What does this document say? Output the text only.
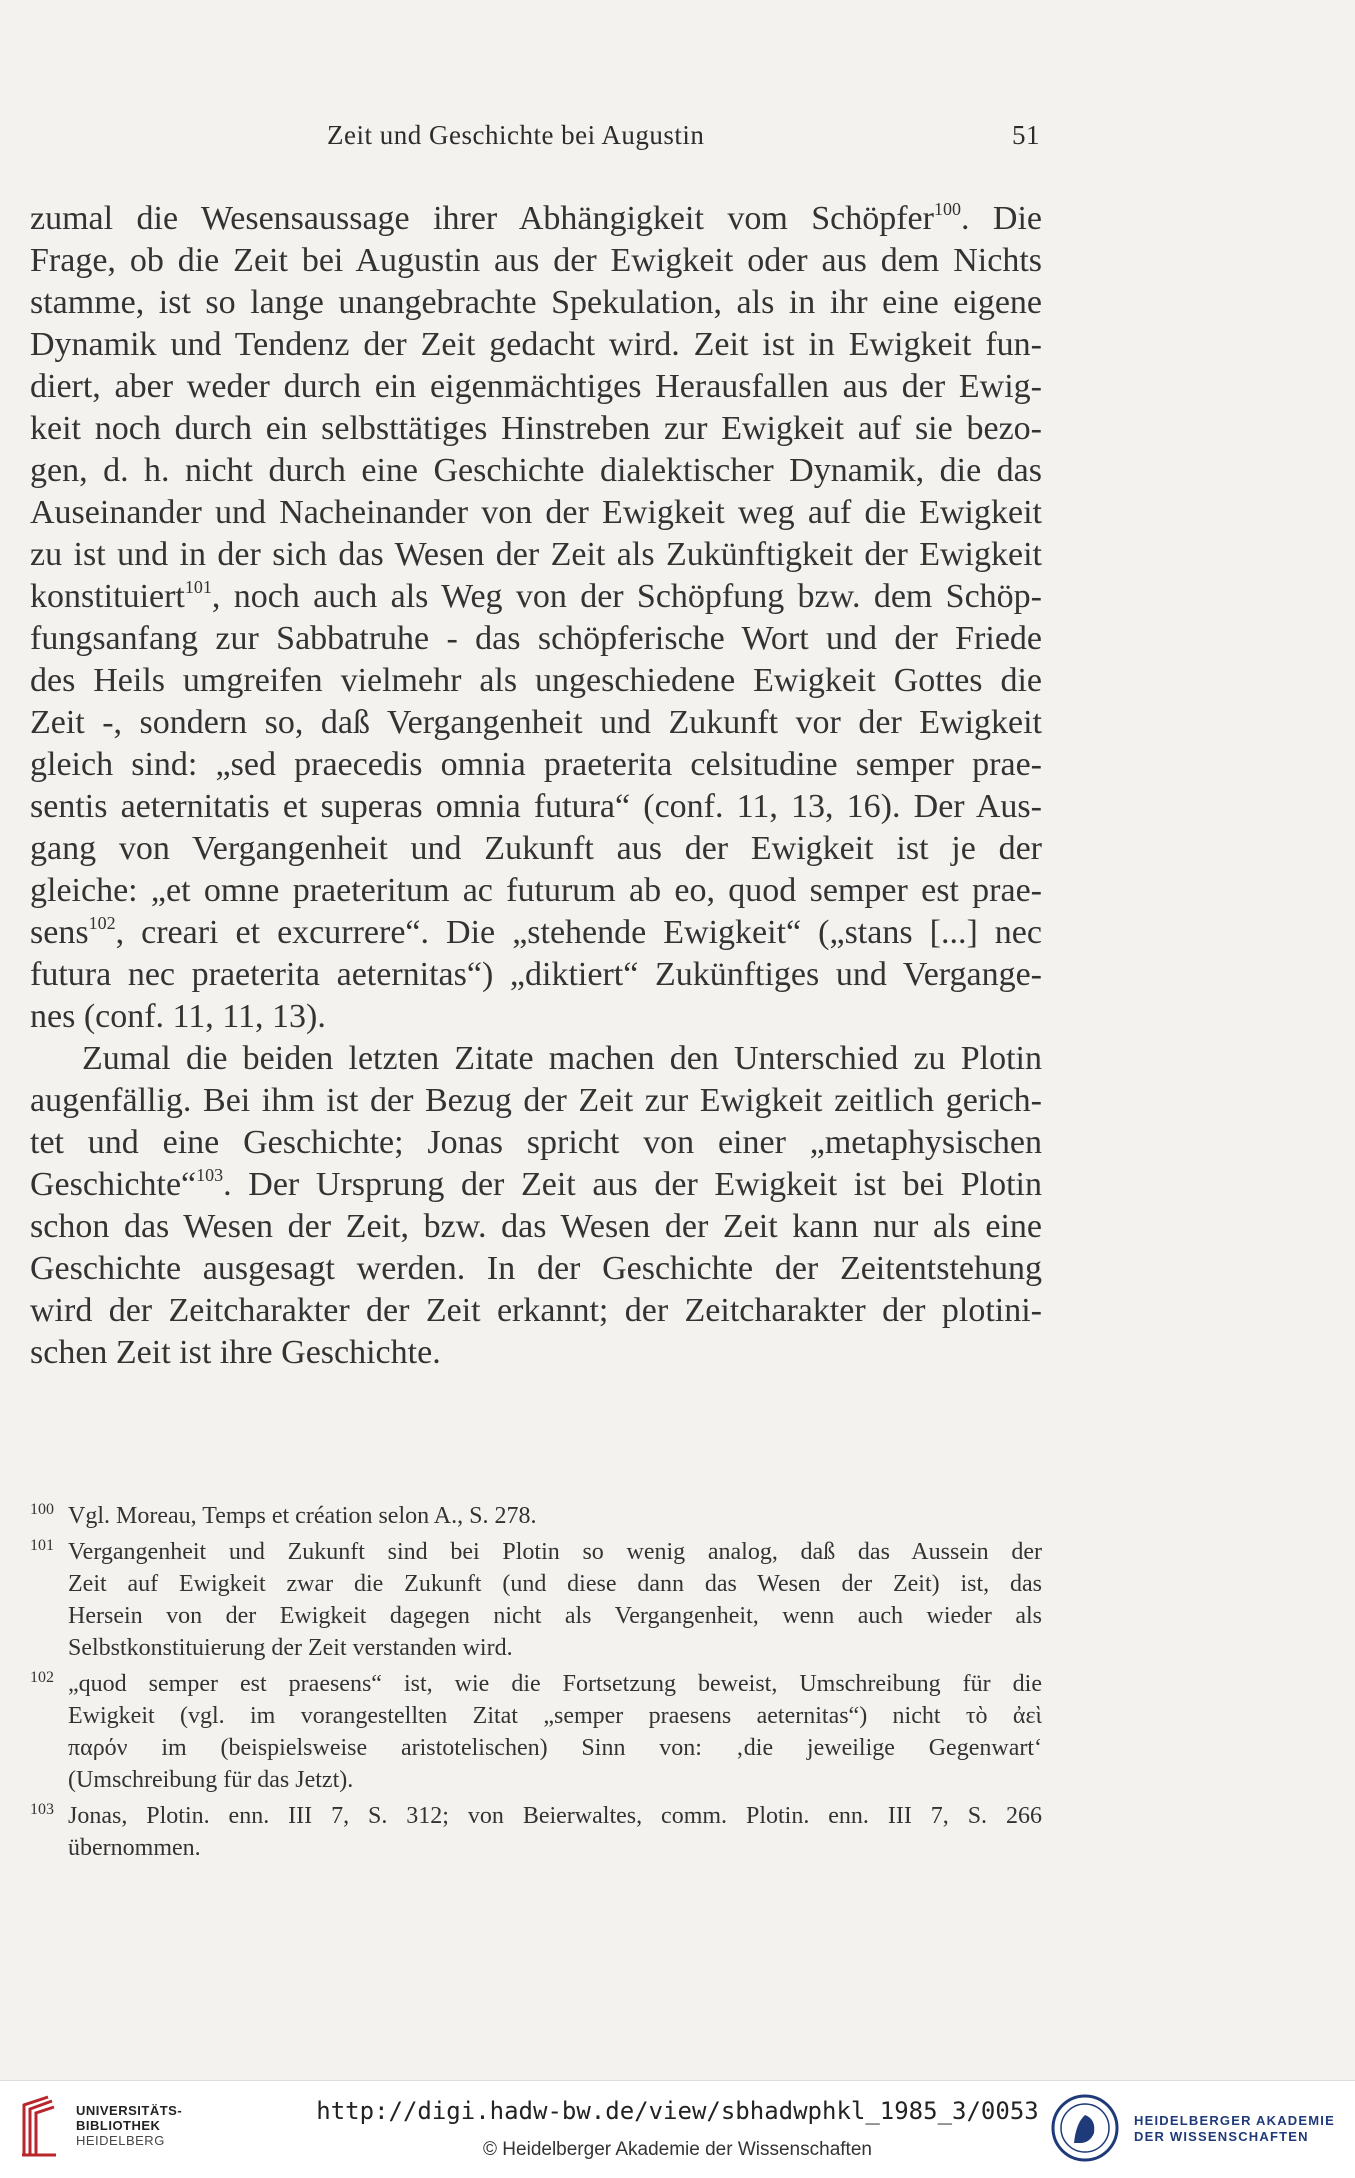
Zeit und Geschichte bei Augustin	51
zumal die Wesensaussage ihrer Abhängigkeit vom Schöpfer$^{100}$. Die
Frage, ob die Zeit bei Augustin aus der Ewigkeit oder aus dem Nichts
stamme, ist so lange unangebrachte Spekulation, als in ihr eine eigene
Dynamik und Tendenz der Zeit gedacht wird. Zeit ist in Ewigkeit fun-
diert, aber weder durch ein eigenmächtiges Herausfallen aus der Ewig-
keit noch durch ein selbsttätiges Hinstreben zur Ewigkeit auf sie bezo-
gen, d. h. nicht durch eine Geschichte dialektischer Dynamik, die das
Auseinander und Nacheinander von der Ewigkeit weg auf die Ewigkeit
zu ist und in der sich das Wesen der Zeit als Zukünftigkeit der Ewigkeit
konstituiert$^{101}$, noch auch als Weg von der Schöpfung bzw. dem Schöp-
fungsanfang zur Sabbatruhe - das schöpferische Wort und der Friede
des Heils umgreifen vielmehr als ungeschiedene Ewigkeit Gottes die
Zeit -, sondern so, daß Vergangenheit und Zukunft vor der Ewigkeit
gleich sind: „sed praecedis omnia praeterita celsitudine semper prae-
sentis aeternitatis et superas omnia futura“ (conf. 11, 13, 16). Der Aus-
gang von Vergangenheit und Zukunft aus der Ewigkeit ist je der
gleiche: „et omne praeteritum ac futurum ab eo, quod semper est prae-
sens$^{102}$, creari et excurrere“. Die „stehende Ewigkeit“ („stans [...] nec
futura nec praeterita aeternitas“) „diktiert“ Zukünftiges und Vergange-
nes (conf. 11, 11, 13).
Zumal die beiden letzten Zitate machen den Unterschied zu Plotin
augenfällig. Bei ihm ist der Bezug der Zeit zur Ewigkeit zeitlich gerich-
tet und eine Geschichte; Jonas spricht von einer „metaphysischen
Geschichte“$^{103}$. Der Ursprung der Zeit aus der Ewigkeit ist bei Plotin
schon das Wesen der Zeit, bzw. das Wesen der Zeit kann nur als eine
Geschichte ausgesagt werden. In der Geschichte der Zeitentstehung
wird der Zeitcharakter der Zeit erkannt; der Zeitcharakter der plotini-
schen Zeit ist ihre Geschichte.
100 Vgl. Moreau, Temps et création selon A., S. 278.
101 Vergangenheit und Zukunft sind bei Plotin so wenig analog, daß das Aussein der
Zeit auf Ewigkeit zwar die Zukunft (und diese dann das Wesen der Zeit) ist, das
Hersein von der Ewigkeit dagegen nicht als Vergangenheit, wenn auch wieder als
Selbstkonstituierung der Zeit verstanden wird.
102 „quod semper est praesens“ ist, wie die Fortsetzung beweist, Umschreibung für die
Ewigkeit (vgl. im vorangestellten Zitat „semper praesens aeternitas“) nicht τὸ ἀεὶ
παρόν im (beispielsweise aristotelischen) Sinn von: ‚die jeweilige Gegenwart‘
(Umschreibung für das Jetzt).
103 Jonas, Plotin. enn. III 7, S. 312; von Beierwaltes, comm. Plotin. enn. III 7, S. 266
übernommen.
UNIVERSITÄTS-
BIBLIOTHEK
HEIDELBERG
http://digi.hadw-bw.de/view/sbhadwphkl_1985_3/0053
© Heidelberger Akademie der Wissenschaften
HEIDELBERGER AKADEMIE
DER WISSENSCHAFTEN
